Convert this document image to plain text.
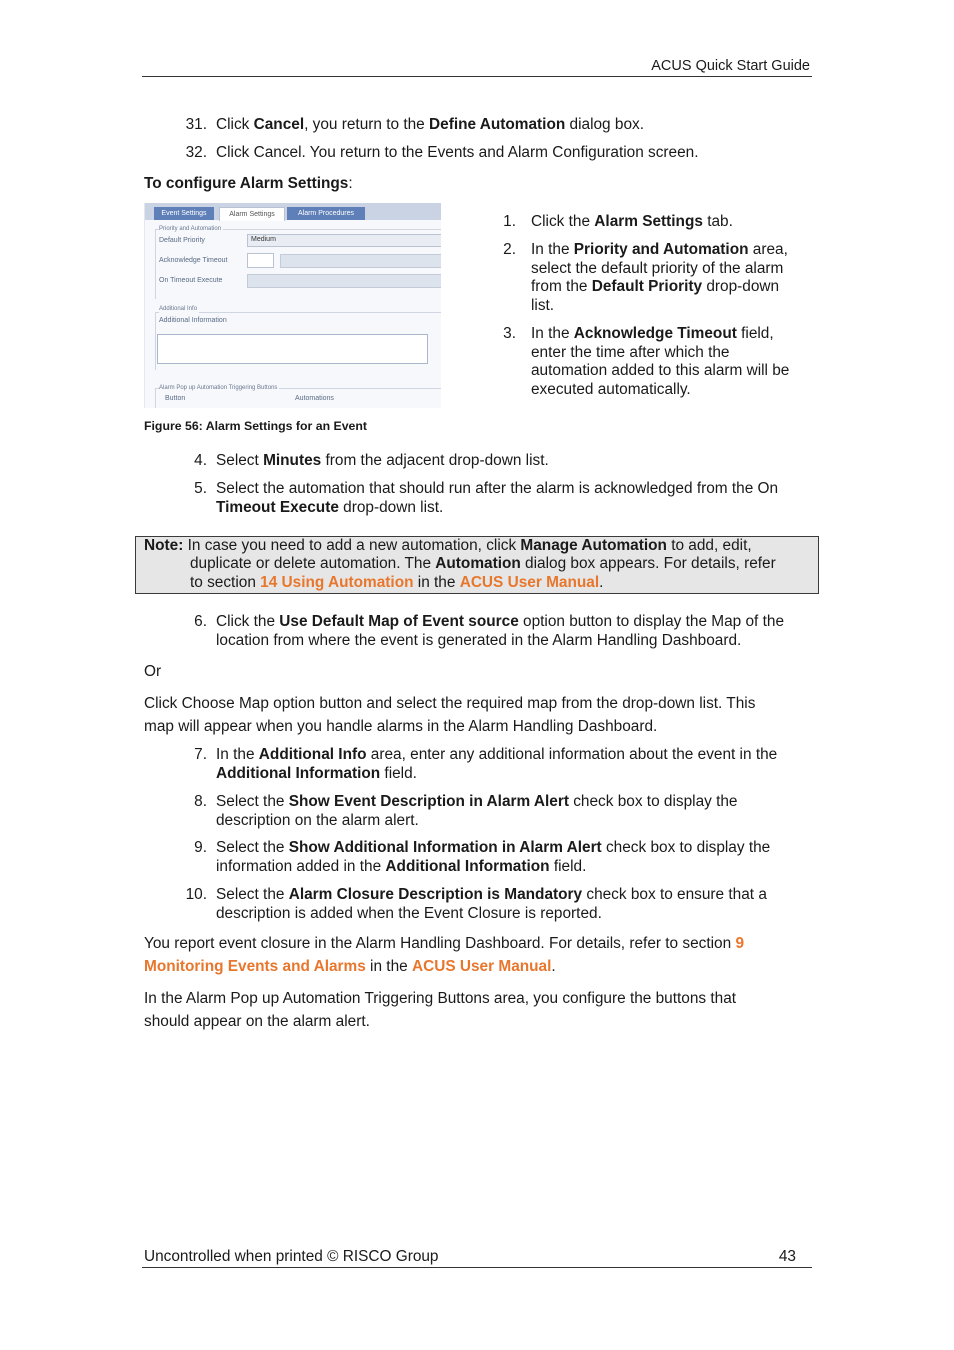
ACUS Quick Start Guide
31. Click Cancel, you return to the Define Automation dialog box.
32. Click Cancel. You return to the Events and Alarm Configuration screen.
To configure Alarm Settings:
Event Settings	Alarm Settings	Alarm Procedures
Priority and Automation
Default Priority	Medium
Acknowledge Timeout
On Timeout Execute
Additional Info
Additional Information
Alarm Pop up Automation Triggering Buttons
Button	Automations
Figure 56: Alarm Settings for an Event
1. Click the Alarm Settings tab.
2. In the Priority and Automation area,
select the default priority of the alarm
from the Default Priority drop-down
list.
3. In the Acknowledge Timeout field,
enter the time after which the
automation added to this alarm will be
executed automatically.
4. Select Minutes from the adjacent drop-down list.
5. Select the automation that should run after the alarm is acknowledged from the On
Timeout Execute drop-down list.
Note: In case you need to add a new automation, click Manage Automation to add, edit,
duplicate or delete automation. The Automation dialog box appears. For details, refer
to section 14 Using Automation in the ACUS User Manual.
6. Click the Use Default Map of Event source option button to display the Map of the
location from where the event is generated in the Alarm Handling Dashboard.
Or
Click Choose Map option button and select the required map from the drop-down list. This
map will appear when you handle alarms in the Alarm Handling Dashboard.
7. In the Additional Info area, enter any additional information about the event in the
Additional Information field.
8. Select the Show Event Description in Alarm Alert check box to display the
description on the alarm alert.
9. Select the Show Additional Information in Alarm Alert check box to display the
information added in the Additional Information field.
10. Select the Alarm Closure Description is Mandatory check box to ensure that a
description is added when the Event Closure is reported.
You report event closure in the Alarm Handling Dashboard. For details, refer to section 9
Monitoring Events and Alarms in the ACUS User Manual.
In the Alarm Pop up Automation Triggering Buttons area, you configure the buttons that
should appear on the alarm alert.
Uncontrolled when printed © RISCO Group	43
